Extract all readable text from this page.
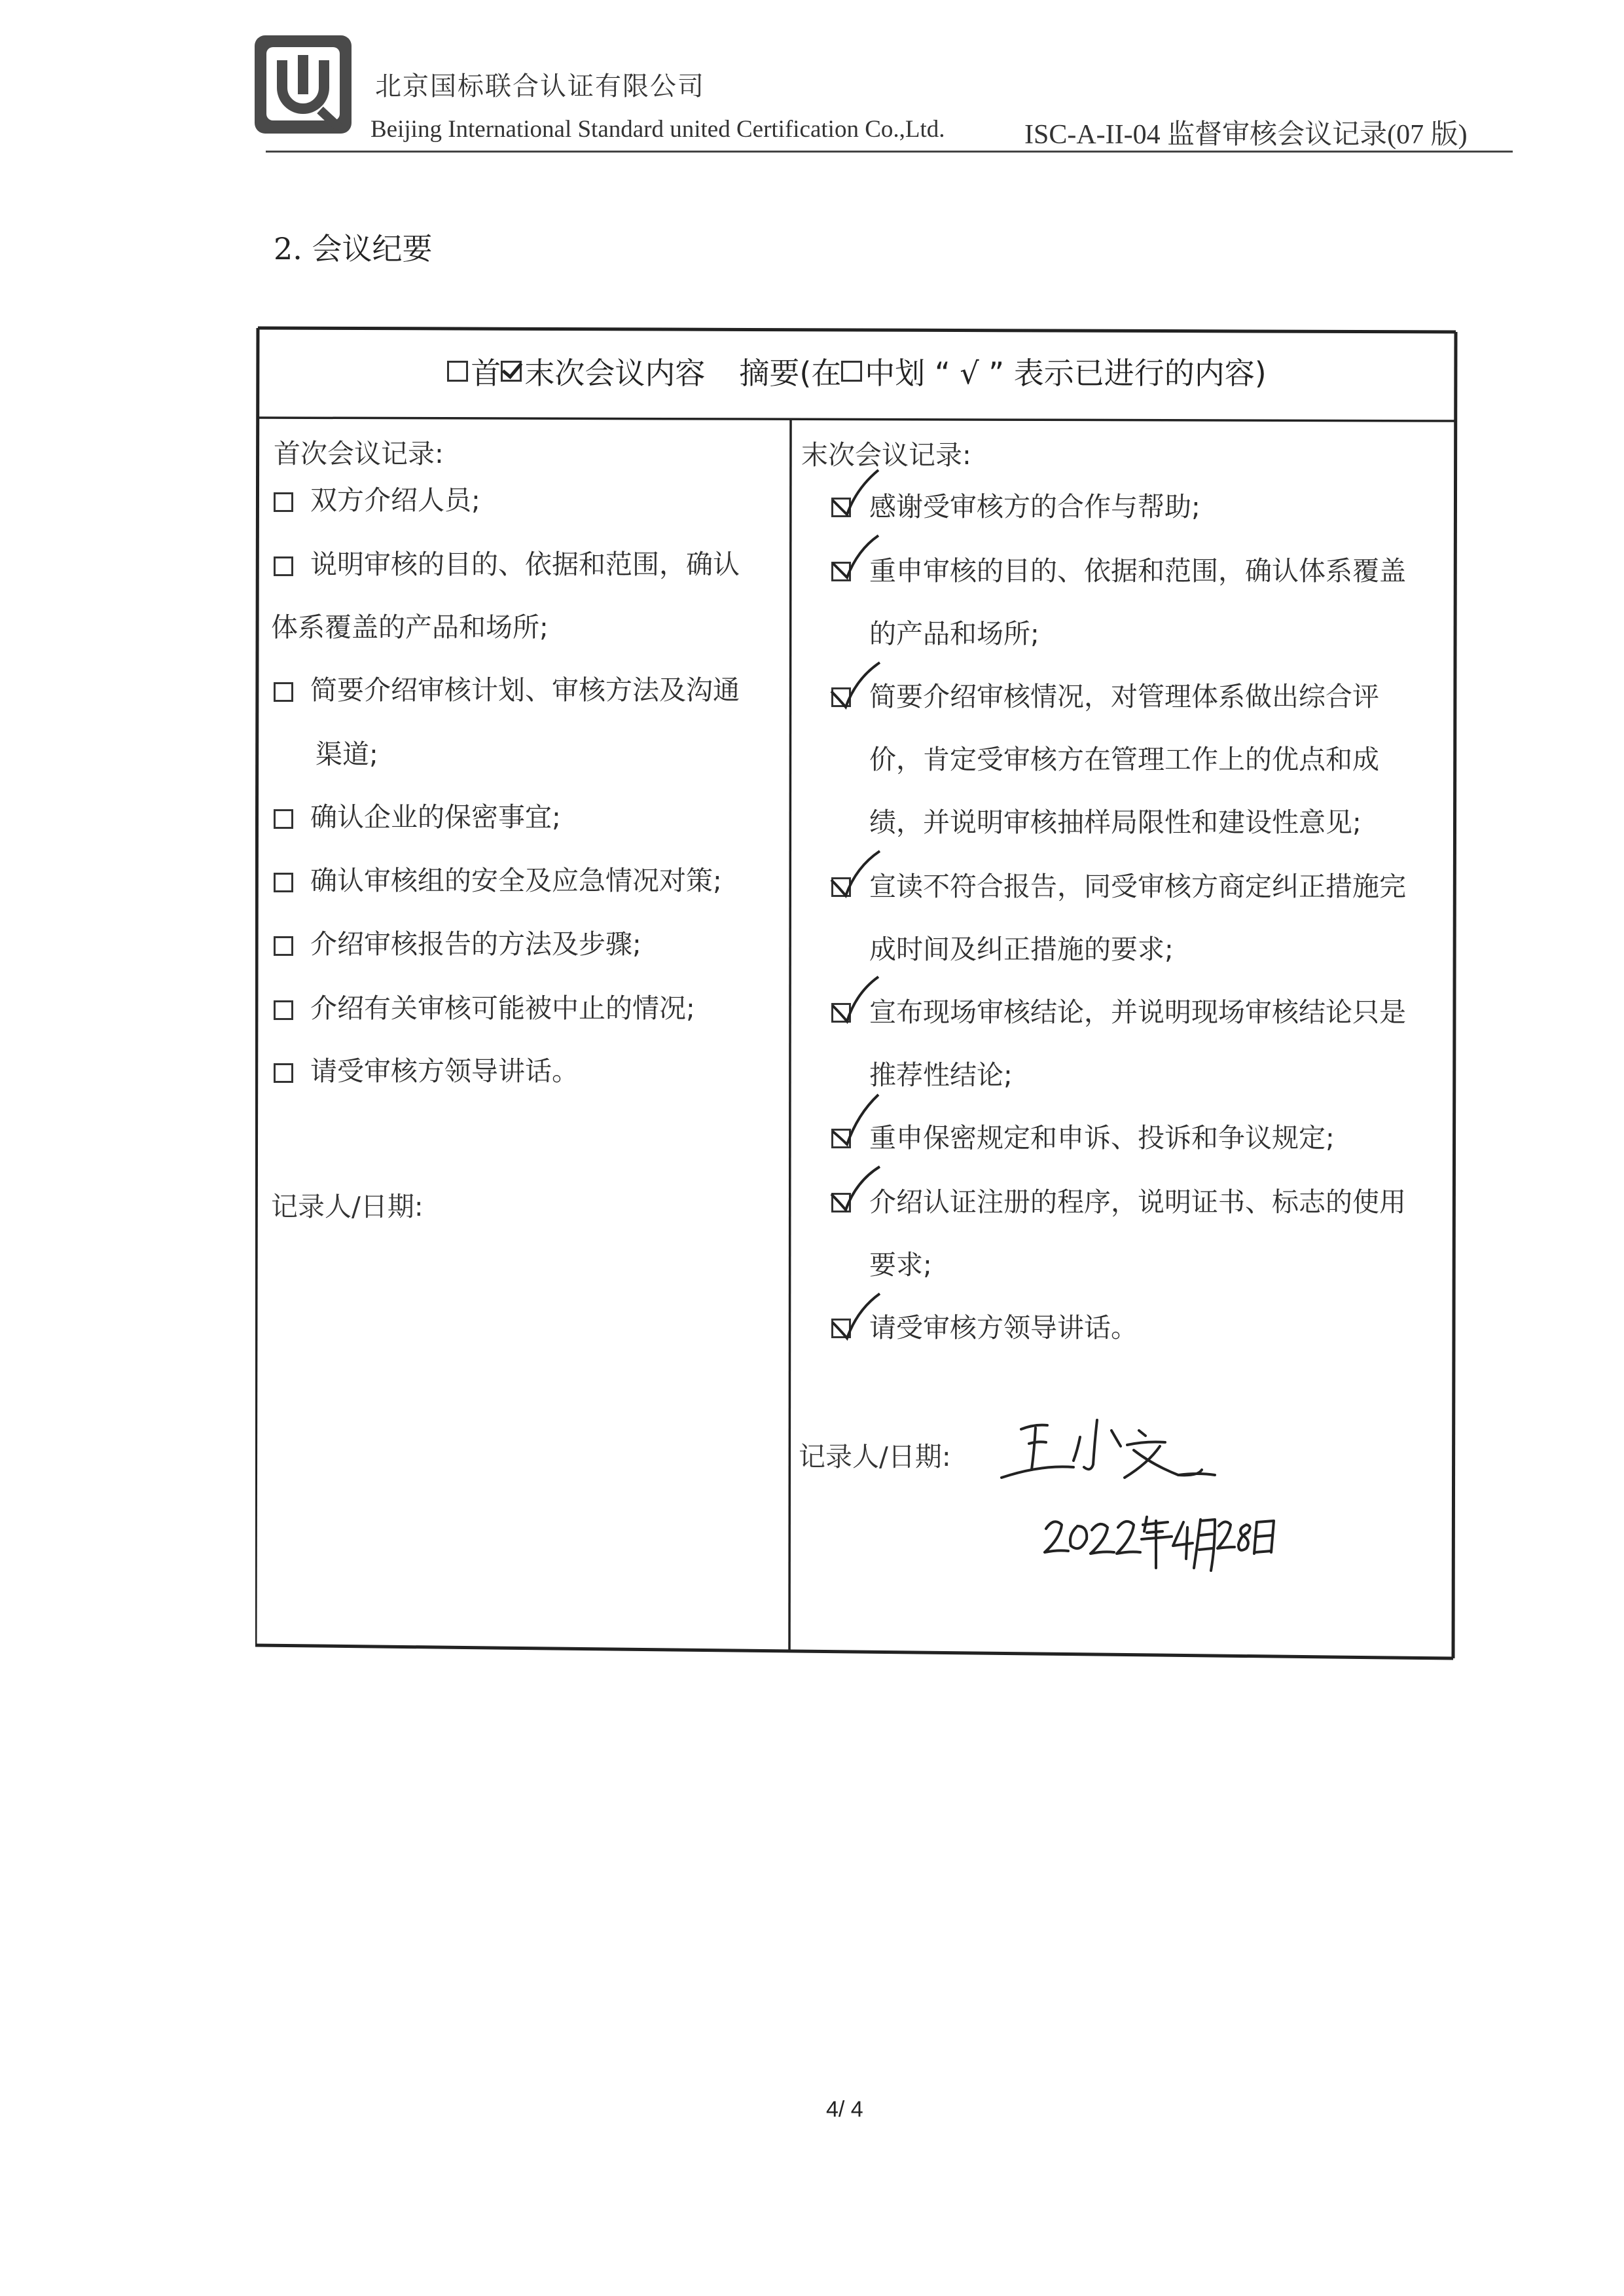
北京国标联合认证有限公司
Beijing International Standard united Certification Co.,Ltd.	ISC-A-II-04 监督审核会议记录(07 版)
2. 会议纪要
首 末次会议内容 摘要(在 中划 “ √ ” 表示已进行的内容)
首次会议记录:
双方介绍人员;
说明审核的目的、依据和范围，确认
体系覆盖的产品和场所;
简要介绍审核计划、审核方法及沟通
渠道;
确认企业的保密事宜;
确认审核组的安全及应急情况对策;
介绍审核报告的方法及步骤;
介绍有关审核可能被中止的情况;
请受审核方领导讲话。
记录人/日期:
末次会议记录:
感谢受审核方的合作与帮助;
重申审核的目的、依据和范围，确认体系覆盖
的产品和场所;
简要介绍审核情况，对管理体系做出综合评
价，肯定受审核方在管理工作上的优点和成
绩，并说明审核抽样局限性和建设性意见;
宣读不符合报告，同受审核方商定纠正措施完
成时间及纠正措施的要求;
宣布现场审核结论，并说明现场审核结论只是
推荐性结论;
重申保密规定和申诉、投诉和争议规定;
介绍认证注册的程序，说明证书、标志的使用
要求;
请受审核方领导讲话。
记录人/日期:
4/ 4
